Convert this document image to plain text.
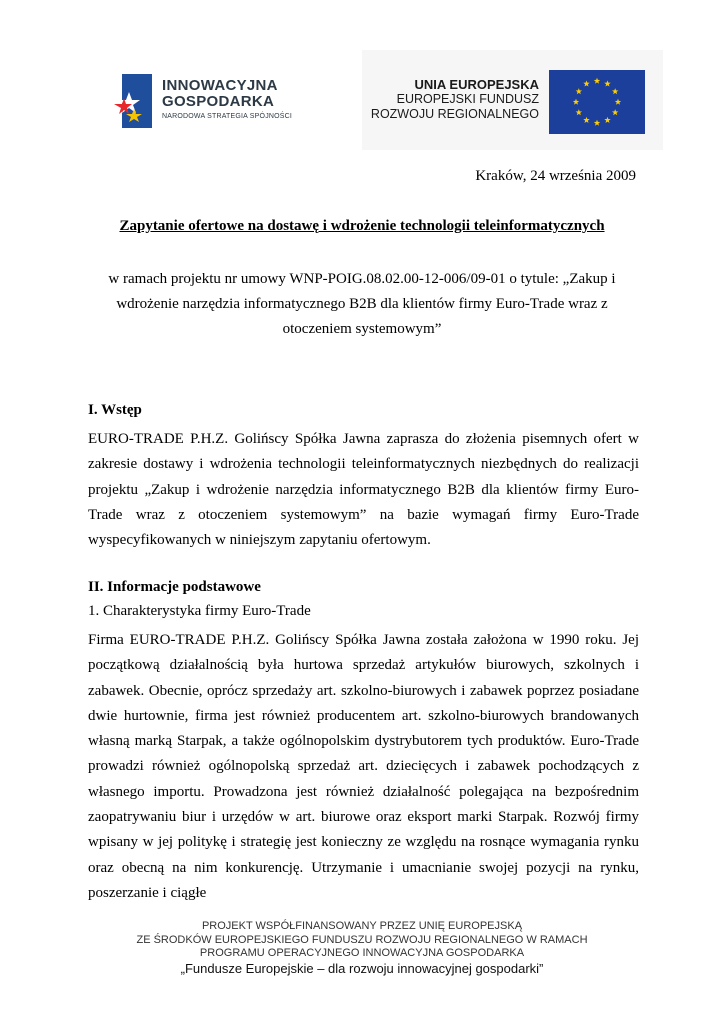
INNOWACYJNA
GOSPODARKA
NARODOWA STRATEGIA SPÓJNOŚCI
UNIA EUROPEJSKA
EUROPEJSKI FUNDUSZ
ROZWOJU REGIONALNEGO
Kraków, 24 września 2009
Zapytanie ofertowe na dostawę i wdrożenie technologii teleinformatycznych
w ramach projektu nr umowy WNP-POIG.08.02.00-12-006/09-01 o tytule: „Zakup i wdrożenie narzędzia informatycznego B2B dla klientów firmy Euro-Trade wraz z otoczeniem systemowym”
I. Wstęp
EURO-TRADE P.H.Z. Golińscy Spółka Jawna zaprasza do złożenia pisemnych ofert w zakresie dostawy i wdrożenia technologii teleinformatycznych niezbędnych do realizacji projektu „Zakup i wdrożenie narzędzia informatycznego B2B dla klientów firmy Euro-Trade wraz z otoczeniem systemowym” na bazie wymagań firmy Euro-Trade wyspecyfikowanych w niniejszym zapytaniu ofertowym.
II. Informacje podstawowe
1. Charakterystyka firmy Euro-Trade
Firma EURO-TRADE P.H.Z. Golińscy Spółka Jawna została założona w 1990 roku. Jej początkową działalnością była hurtowa sprzedaż artykułów biurowych, szkolnych i zabawek. Obecnie, oprócz sprzedaży art. szkolno-biurowych i zabawek poprzez posiadane dwie hurtownie, firma jest również producentem art. szkolno-biurowych brandowanych własną marką Starpak, a także ogólnopolskim dystrybutorem tych produktów. Euro-Trade prowadzi również ogólnopolską sprzedaż art. dziecięcych i zabawek pochodzących z własnego importu. Prowadzona jest również działalność polegająca na bezpośrednim zaopatrywaniu biur i urzędów w art. biurowe oraz eksport marki Starpak. Rozwój firmy wpisany w jej politykę i strategię jest konieczny ze względu na rosnące wymagania rynku oraz obecną na nim konkurencję. Utrzymanie i umacnianie swojej pozycji na rynku, poszerzanie i ciągłe
PROJEKT WSPÓŁFINANSOWANY PRZEZ UNIĘ EUROPEJSKĄ
ZE ŚRODKÓW EUROPEJSKIEGO FUNDUSZU ROZWOJU REGIONALNEGO W RAMACH
PROGRAMU OPERACYJNEGO INNOWACYJNA GOSPODARKA
„Fundusze Europejskie – dla rozwoju innowacyjnej gospodarki”
